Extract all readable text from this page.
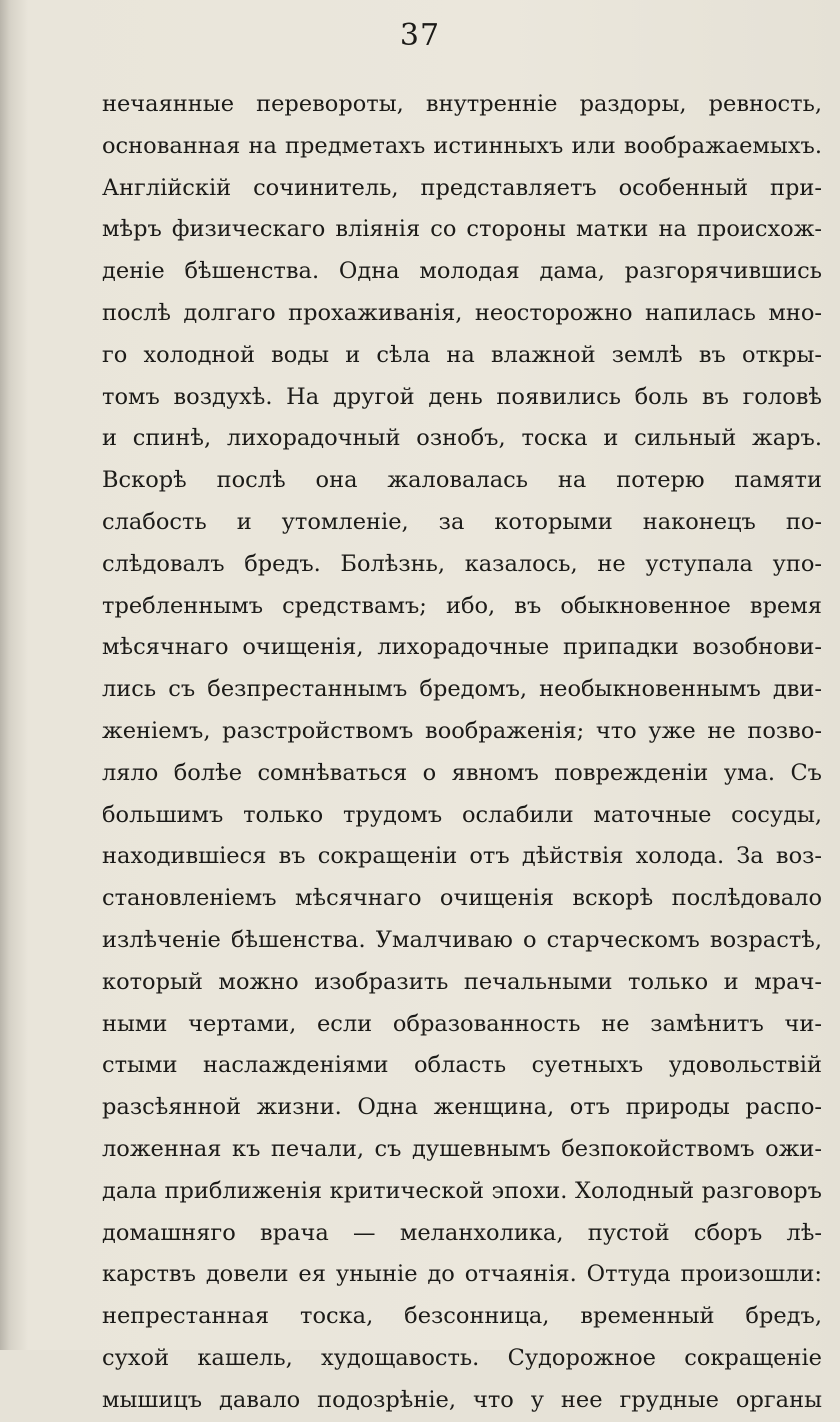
37
нечаянные перевороты, внутренніе раздоры, ревность,
основанная на предметахъ истинныхъ или воображаемыхъ.
Англійскій сочинитель, представляетъ особенный при-
мѣръ физическаго вліянія со стороны матки на происхож-
деніе бѣшенства. Одна молодая дама, разгорячившись
послѣ долгаго прохаживанія, неосторожно напилась мно-
го холодной воды и сѣла на влажной землѣ въ откры-
томъ воздухѣ. На другой день появились боль въ головѣ
и спинѣ, лихорадочный ознобъ, тоска и сильный жаръ.
Вскорѣ послѣ она жаловалась на потерю памяти
слабость и утомленіе, за которыми наконецъ по-
слѣдовалъ бредъ. Болѣзнь, казалось, не уступала упо-
требленнымъ средствамъ; ибо, въ обыкновенное время
мѣсячнаго очищенія, лихорадочные припадки возобнови-
лись съ безпрестаннымъ бредомъ, необыкновеннымъ дви-
женіемъ, разстройствомъ воображенія; что уже не позво-
ляло болѣе сомнѣваться о явномъ поврежденіи ума. Съ
большимъ только трудомъ ослабили маточные сосуды,
находившіеся въ сокращеніи отъ дѣйствія холода. За воз-
становленіемъ мѣсячнаго очищенія вскорѣ послѣдовало
излѣченіе бѣшенства. Умалчиваю о старческомъ возрастѣ,
который можно изобразить печальными только и мрач-
ными чертами, если образованность не замѣнитъ чи-
стыми наслажденіями область суетныхъ удовольствій
разсѣянной жизни. Одна женщина, отъ природы распо-
ложенная къ печали, съ душевнымъ безпокойствомъ ожи-
дала приближенія критической эпохи. Холодный разговоръ
домашняго врача — меланхолика, пустой сборъ лѣ-
карствъ довели ея уныніе до отчаянія. Оттуда произошли:
непрестанная тоска, безсонница, временный бредъ,
сухой кашель, худощавость. Судорожное сокращеніе
мышицъ давало подозрѣніе, что у нее грудные органы
